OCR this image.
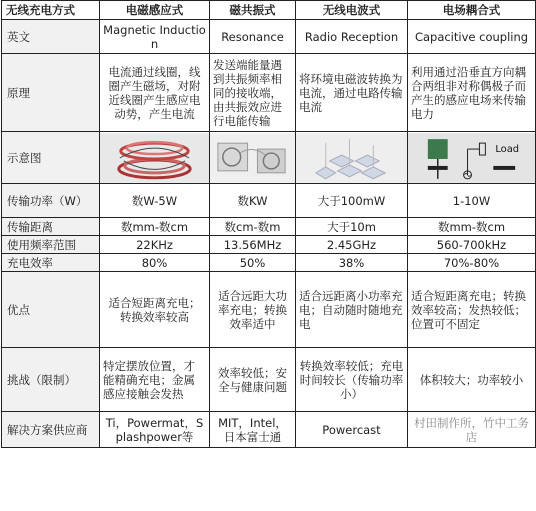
无线充电方式	电磁感应式	磁共振式	无线电波式	电场耦合式
英文	Magnetic Induction	Resonance	Radio Reception	Capacitive coupling
原理	电流通过线圈，线圈产生磁场，对附近线圈产生感应电动势，产生电流	发送端能量遇到共振频率相同的接收端，由共振效应进行电能传输	将环境电磁波转换为电流，通过电路传输电流	利用通过沿垂直方向耦合两组非对称偶极子而产生的感应电场来传输电力
示意图				Load

传输功率（W）	数W-5W	数KW	大于100mW	1-10W
传输距离	数mm-数cm	数cm-数m	大于10m	数mm-数cm
使用频率范围	22KHz	13.56MHz	2.45GHz	560-700kHz
充电效率	80%	50%	38%	70%-80%
优点	适合短距离充电；转换效率较高	适合远距大功率充电；转换效率适中	适合远距离小功率充电；自动随时随地充电	适合短距离充电；转换效率较高；发热较低；位置可不固定
挑战（限制）	特定摆放位置，才能精确充电；金属感应接触会发热	效率较低；安全与健康问题	转换效率较低；充电时间较长（传输功率小）	体积较大；功率较小
解决方案供应商	Ti，Powermat，Splashpower等	MIT，Intel，日本富士通	Powercast	村田制作所，竹中工务店
